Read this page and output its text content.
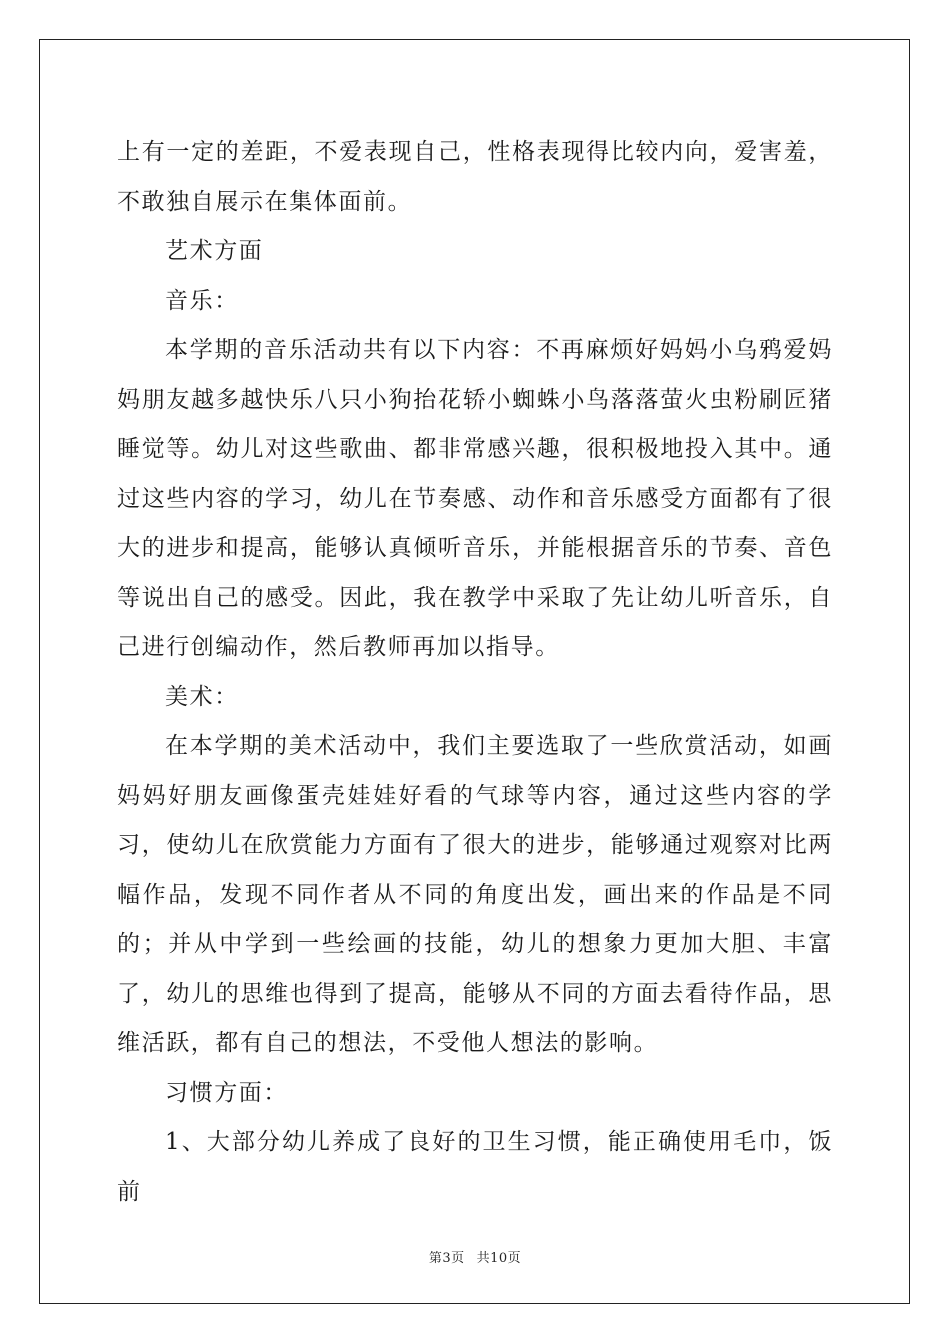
上有一定的差距，不爱表现自己，性格表现得比较内向，爱害羞，不敢独自展示在集体面前。

艺术方面

音乐：

本学期的音乐活动共有以下内容：不再麻烦好妈妈小乌鸦爱妈妈朋友越多越快乐八只小狗抬花轿小蜘蛛小鸟落落萤火虫粉刷匠猪睡觉等。幼儿对这些歌曲、都非常感兴趣，很积极地投入其中。通过这些内容的学习，幼儿在节奏感、动作和音乐感受方面都有了很大的进步和提高，能够认真倾听音乐，并能根据音乐的节奏、音色等说出自己的感受。因此，我在教学中采取了先让幼儿听音乐，自己进行创编动作，然后教师再加以指导。

美术：

在本学期的美术活动中，我们主要选取了一些欣赏活动，如画妈妈好朋友画像蛋壳娃娃好看的气球等内容，通过这些内容的学习，使幼儿在欣赏能力方面有了很大的进步，能够通过观察对比两幅作品，发现不同作者从不同的角度出发，画出来的作品是不同的；并从中学到一些绘画的技能，幼儿的想象力更加大胆、丰富了，幼儿的思维也得到了提高，能够从不同的方面去看待作品，思维活跃，都有自己的想法，不受他人想法的影响。

习惯方面：

1、大部分幼儿养成了良好的卫生习惯，能正确使用毛巾，饭前

第3页 共10页
